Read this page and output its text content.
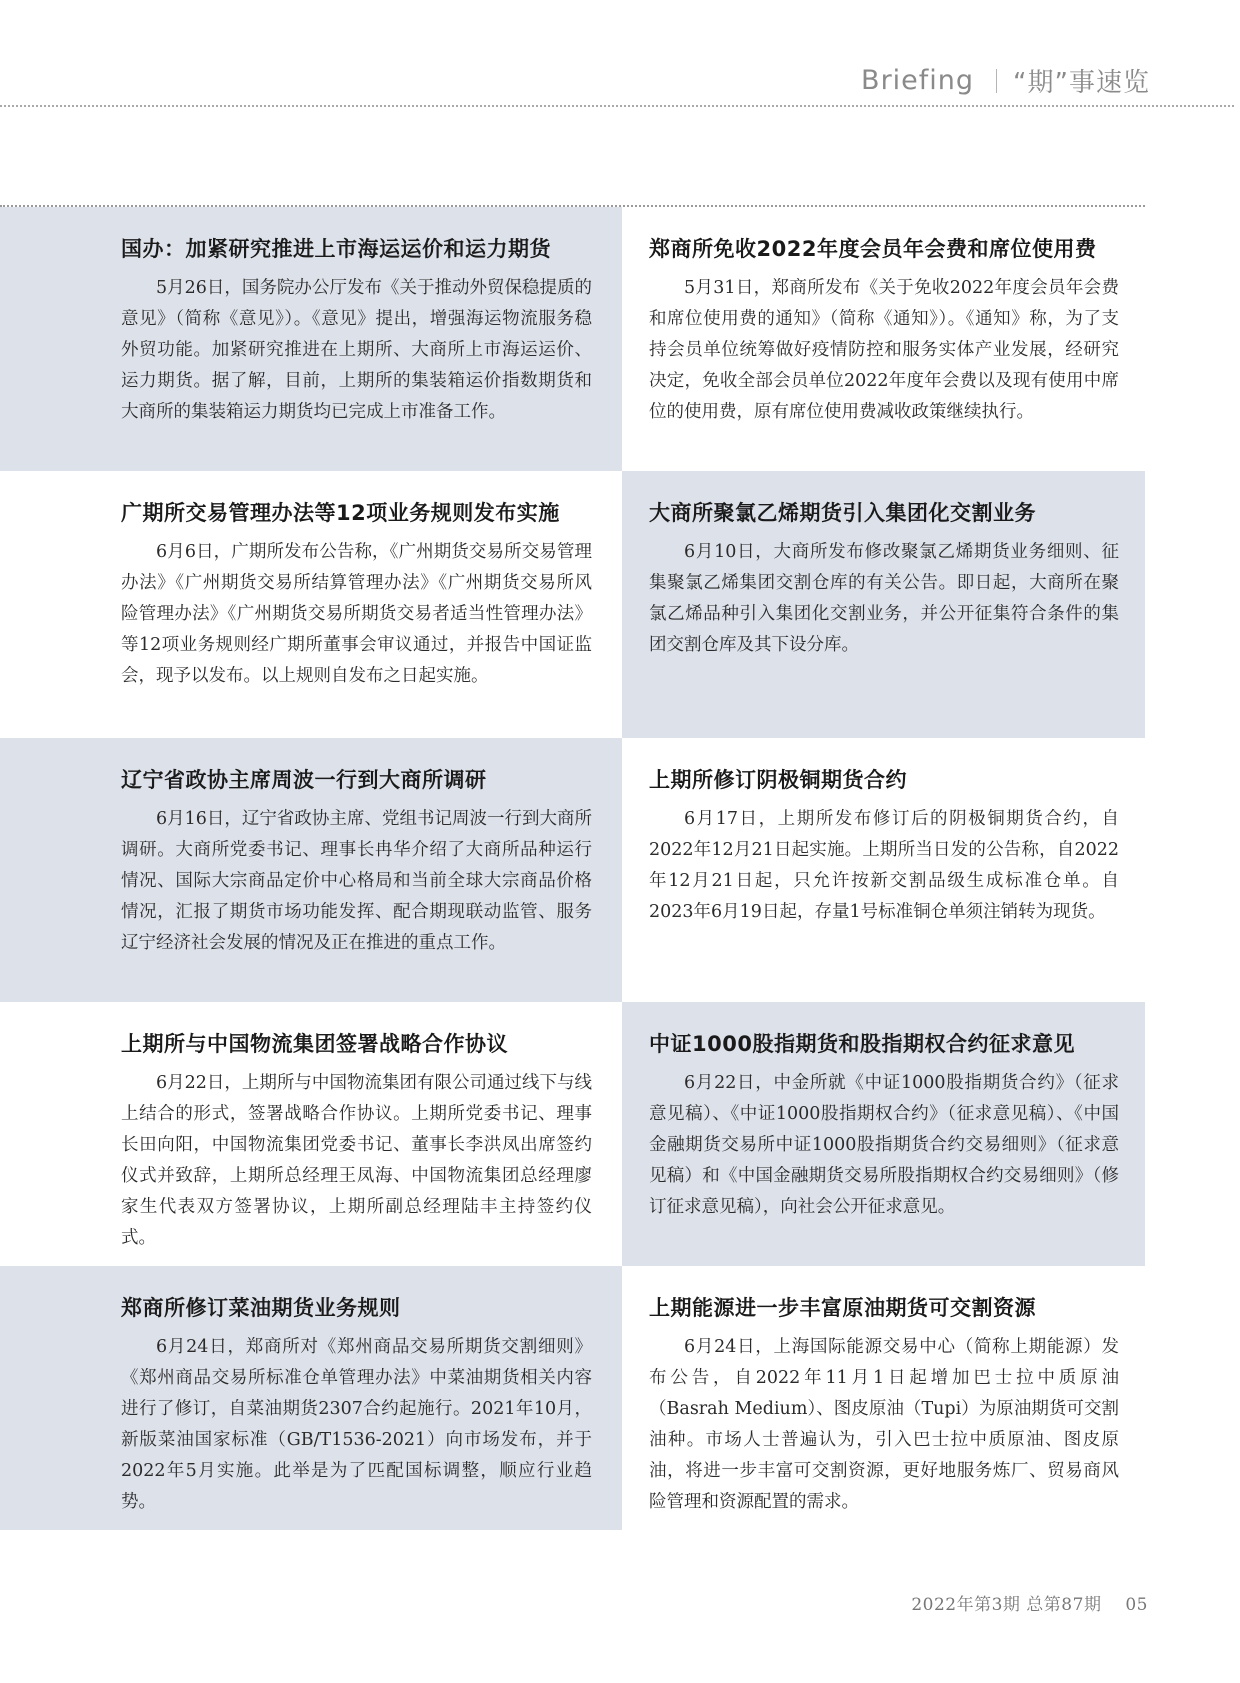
Briefing “期”事速览
国办：加紧研究推进上市海运运价和运力期货

5月26日，国务院办公厅发布《关于推动外贸保稳提质的意见》（简称《意见》）。《意见》提出，增强海运物流服务稳外贸功能。加紧研究推进在上期所、大商所上市海运运价、运力期货。据了解，目前，上期所的集装箱运价指数期货和大商所的集装箱运力期货均已完成上市准备工作。

郑商所免收2022年度会员年会费和席位使用费

5月31日，郑商所发布《关于免收2022年度会员年会费和席位使用费的通知》（简称《通知》）。《通知》称，为了支持会员单位统筹做好疫情防控和服务实体产业发展，经研究决定，免收全部会员单位2022年度年会费以及现有使用中席位的使用费，原有席位使用费减收政策继续执行。

广期所交易管理办法等12项业务规则发布实施

6月6日，广期所发布公告称，《广州期货交易所交易管理办法》《广州期货交易所结算管理办法》《广州期货交易所风险管理办法》《广州期货交易所期货交易者适当性管理办法》等12项业务规则经广期所董事会审议通过，并报告中国证监会，现予以发布。以上规则自发布之日起实施。

大商所聚氯乙烯期货引入集团化交割业务

6月10日，大商所发布修改聚氯乙烯期货业务细则、征集聚氯乙烯集团交割仓库的有关公告。即日起，大商所在聚氯乙烯品种引入集团化交割业务，并公开征集符合条件的集团交割仓库及其下设分库。

辽宁省政协主席周波一行到大商所调研

6月16日，辽宁省政协主席、党组书记周波一行到大商所调研。大商所党委书记、理事长冉华介绍了大商所品种运行情况、国际大宗商品定价中心格局和当前全球大宗商品价格情况，汇报了期货市场功能发挥、配合期现联动监管、服务辽宁经济社会发展的情况及正在推进的重点工作。

上期所修订阴极铜期货合约

6月17日，上期所发布修订后的阴极铜期货合约，自2022年12月21日起实施。上期所当日发的公告称，自2022年12月21日起，只允许按新交割品级生成标准仓单。自2023年6月19日起，存量1号标准铜仓单须注销转为现货。

上期所与中国物流集团签署战略合作协议

6月22日，上期所与中国物流集团有限公司通过线下与线上结合的形式，签署战略合作协议。上期所党委书记、理事长田向阳，中国物流集团党委书记、董事长李洪凤出席签约仪式并致辞，上期所总经理王凤海、中国物流集团总经理廖家生代表双方签署协议，上期所副总经理陆丰主持签约仪式。

中证1000股指期货和股指期权合约征求意见

6月22日，中金所就《中证1000股指期货合约》（征求意见稿）、《中证1000股指期权合约》（征求意见稿）、《中国金融期货交易所中证1000股指期货合约交易细则》（征求意见稿）和《中国金融期货交易所股指期权合约交易细则》（修订征求意见稿），向社会公开征求意见。

郑商所修订菜油期货业务规则

6月24日，郑商所对《郑州商品交易所期货交割细则》《郑州商品交易所标准仓单管理办法》中菜油期货相关内容进行了修订，自菜油期货2307合约起施行。2021年10月，新版菜油国家标准（GB/T1536-2021）向市场发布，并于2022年5月实施。此举是为了匹配国标调整，顺应行业趋势。

上期能源进一步丰富原油期货可交割资源

6月24日，上海国际能源交易中心（简称上期能源）发布公告，自2022年11月1日起增加巴士拉中质原油（Basrah Medium）、图皮原油（Tupi）为原油期货可交割油种。市场人士普遍认为，引入巴士拉中质原油、图皮原油，将进一步丰富可交割资源，更好地服务炼厂、贸易商风险管理和资源配置的需求。

2022年第3期 总第87期 05
